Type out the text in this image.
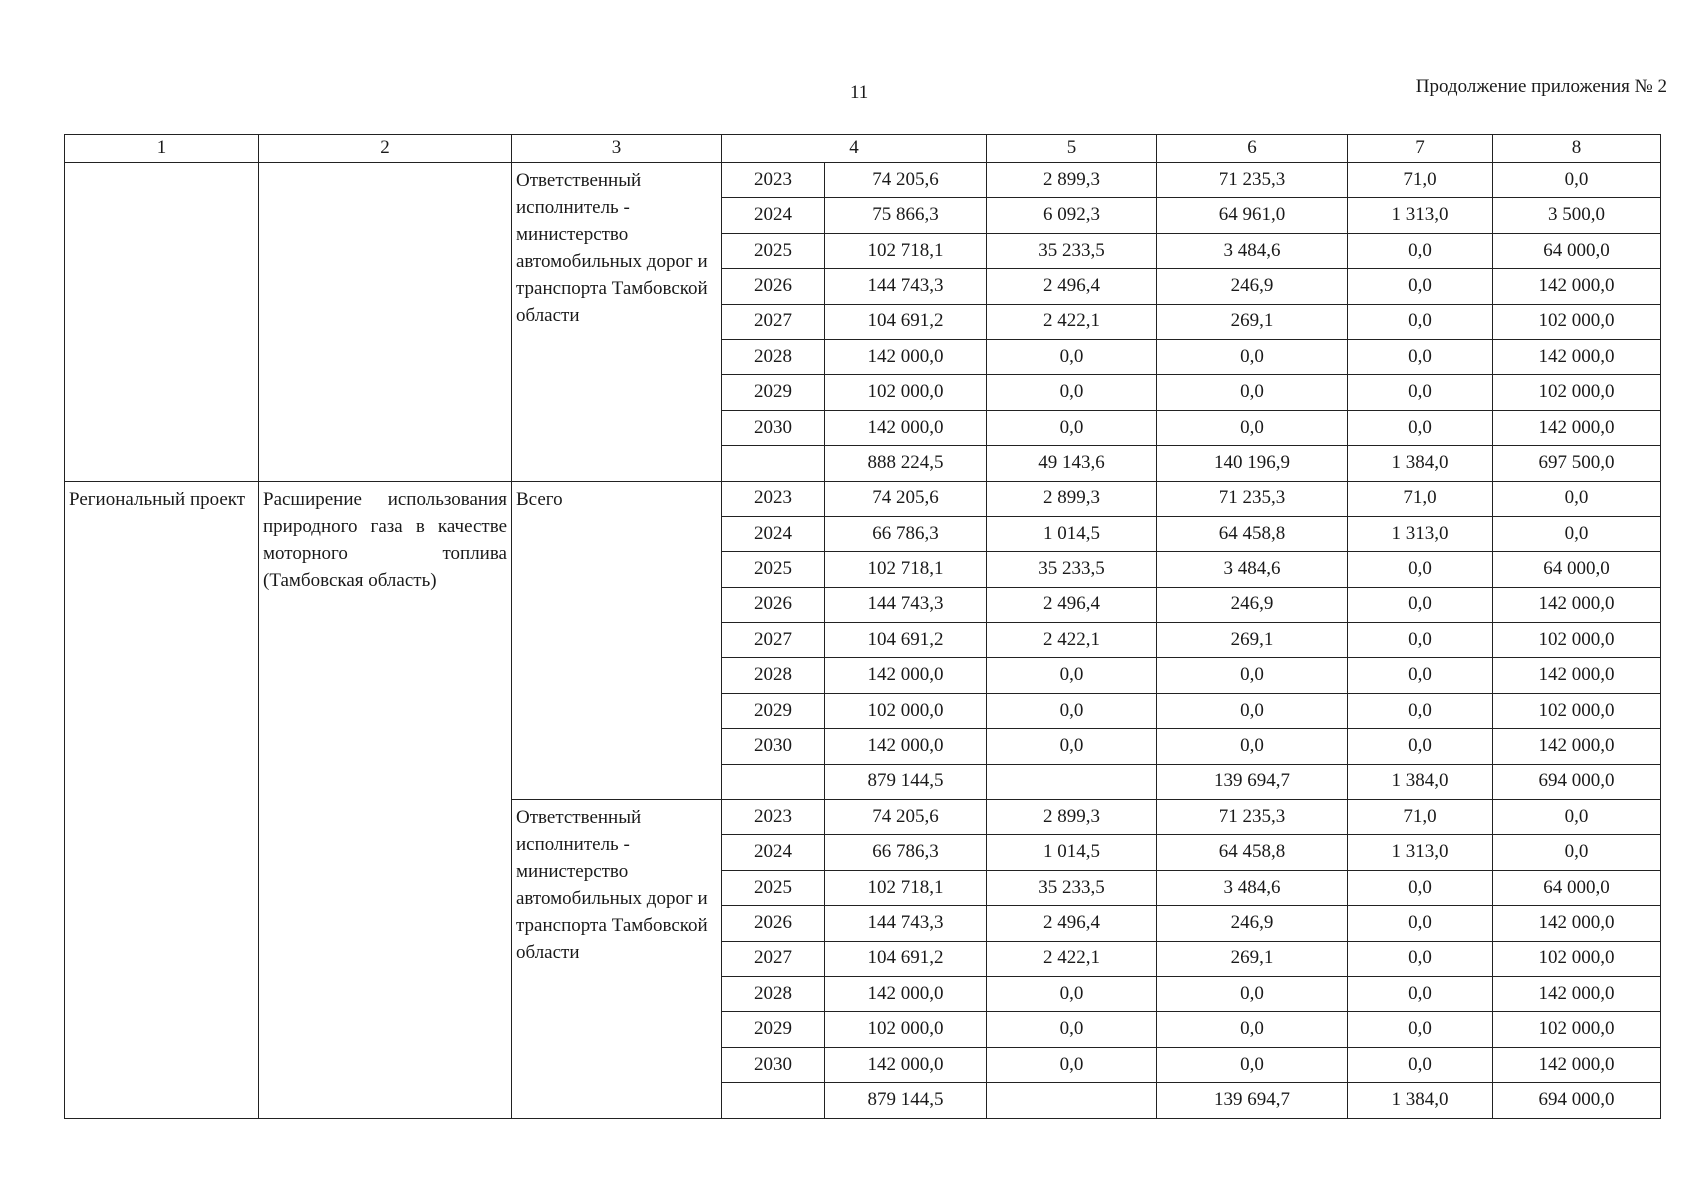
11	Продолжение приложения № 2
1	2	3	4		5	6	7	8
		Ответственный исполнитель - министерство автомобильных дорог и транспорта Тамбовской области	2023	74 205,6	2 899,3	71 235,3	71,0	0,0
			2024	75 866,3	6 092,3	64 961,0	1 313,0	3 500,0
			2025	102 718,1	35 233,5	3 484,6	0,0	64 000,0
			2026	144 743,3	2 496,4	246,9	0,0	142 000,0
			2027	104 691,2	2 422,1	269,1	0,0	102 000,0
			2028	142 000,0	0,0	0,0	0,0	142 000,0
			2029	102 000,0	0,0	0,0	0,0	102 000,0
			2030	142 000,0	0,0	0,0	0,0	142 000,0
				888 224,5	49 143,6	140 196,9	1 384,0	697 500,0
Региональный проект	Расширение использования природного газа в качестве моторного топлива (Тамбовская область)	Всего	2023	74 205,6	2 899,3	71 235,3	71,0	0,0
			2024	66 786,3	1 014,5	64 458,8	1 313,0	0,0
			2025	102 718,1	35 233,5	3 484,6	0,0	64 000,0
			2026	144 743,3	2 496,4	246,9	0,0	142 000,0
			2027	104 691,2	2 422,1	269,1	0,0	102 000,0
			2028	142 000,0	0,0	0,0	0,0	142 000,0
			2029	102 000,0	0,0	0,0	0,0	102 000,0
			2030	142 000,0	0,0	0,0	0,0	142 000,0
				879 144,5		139 694,7	1 384,0	694 000,0
		Ответственный исполнитель - министерство автомобильных дорог и транспорта Тамбовской области	2023	74 205,6	2 899,3	71 235,3	71,0	0,0
			2024	66 786,3	1 014,5	64 458,8	1 313,0	0,0
			2025	102 718,1	35 233,5	3 484,6	0,0	64 000,0
			2026	144 743,3	2 496,4	246,9	0,0	142 000,0
			2027	104 691,2	2 422,1	269,1	0,0	102 000,0
			2028	142 000,0	0,0	0,0	0,0	142 000,0
			2029	102 000,0	0,0	0,0	0,0	102 000,0
			2030	142 000,0	0,0	0,0	0,0	142 000,0
				879 144,5		139 694,7	1 384,0	694 000,0
